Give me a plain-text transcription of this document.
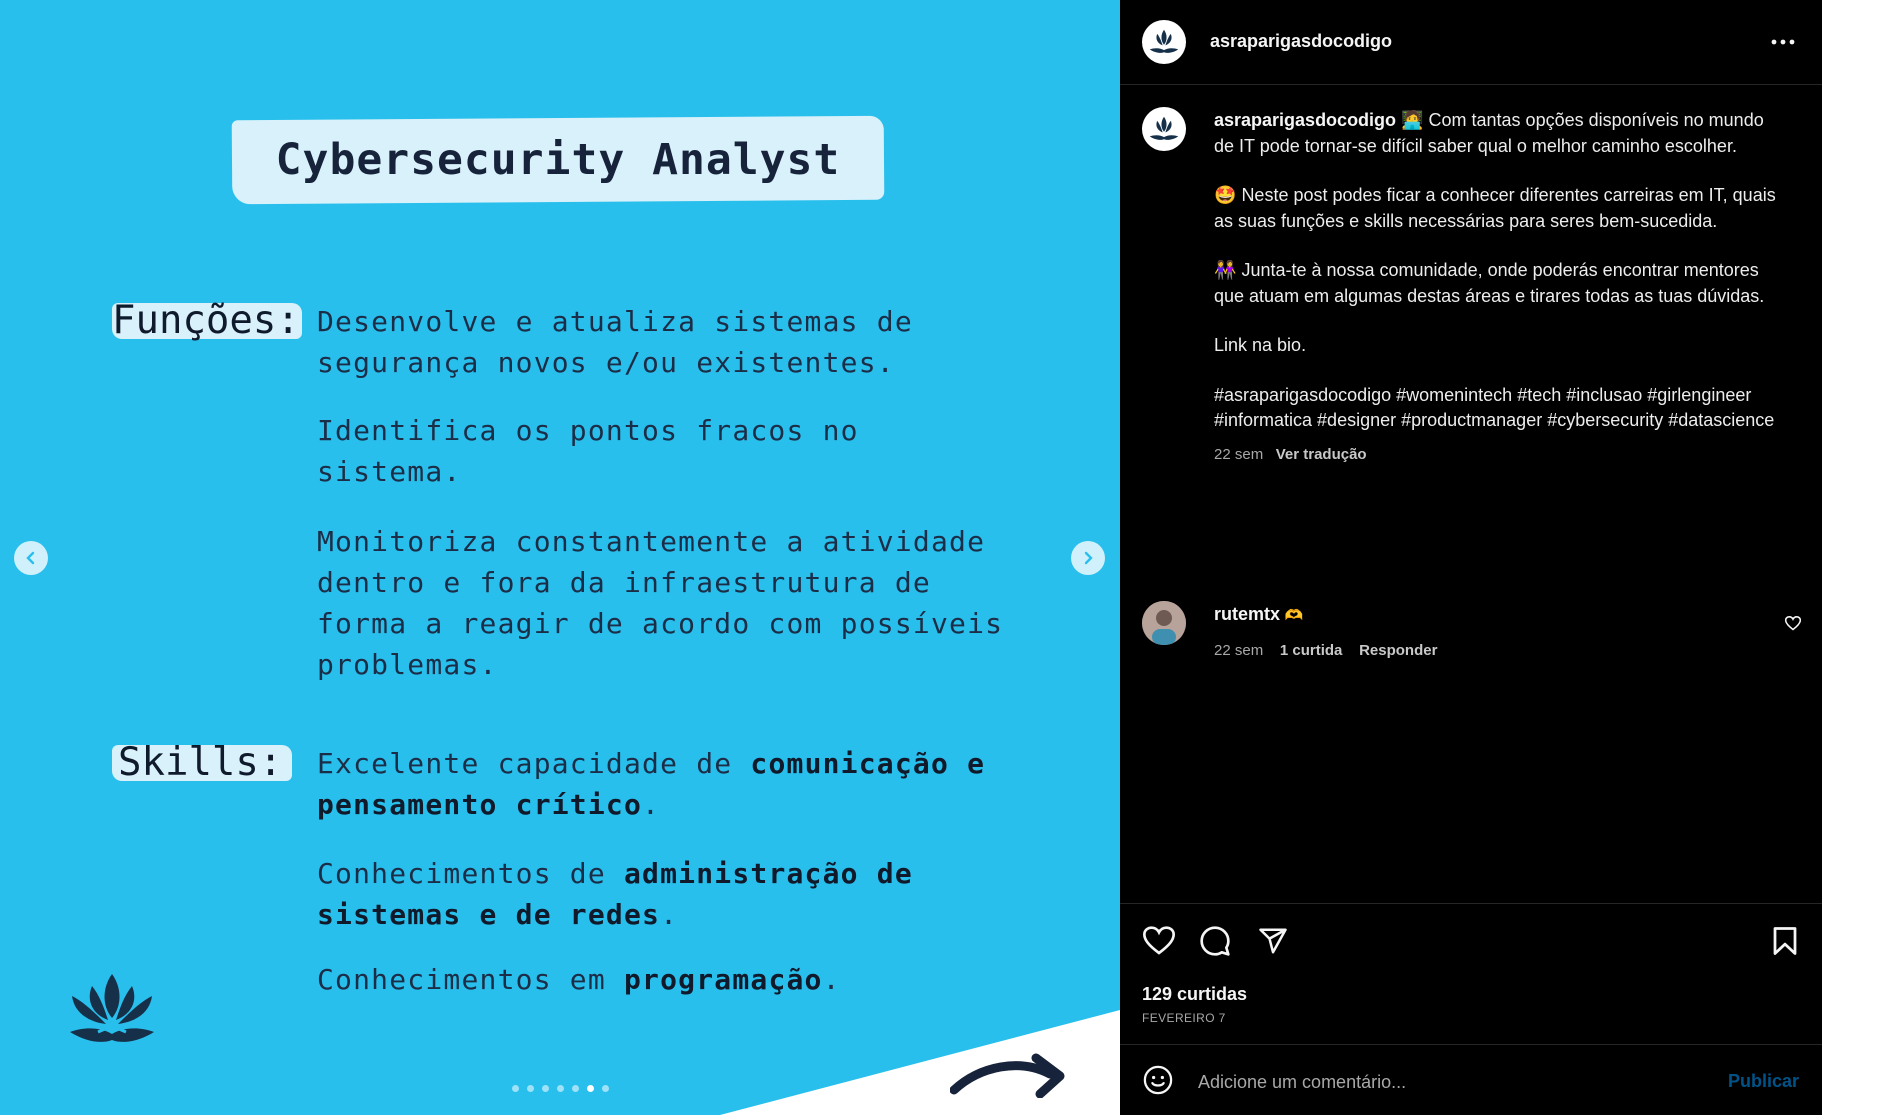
Cybersecurity Analyst
Funções: Desenvolve e atualiza sistemas de segurança novos e/ou existentes.
Identifica os pontos fracos no sistema.
Monitoriza constantemente a atividade dentro e fora da infraestrutura de forma a reagir de acordo com possíveis problemas.
Skills: Excelente capacidade de comunicação e pensamento crítico.
Conhecimentos de administração de sistemas e de redes.
Conhecimentos em programação.
asraparigasdocodigo

asraparigasdocodigo 🧑‍💻 Com tantas opções disponíveis no mundo de IT pode tornar-se difícil saber qual o melhor caminho escolher.

🤩 Neste post podes ficar a conhecer diferentes carreiras em IT, quais as suas funções e skills necessárias para seres bem-sucedida.

👭 Junta-te à nossa comunidade, onde poderás encontrar mentores que atuam em algumas destas áreas e tirares todas as tuas dúvidas.

Link na bio.

#asraparigasdocodigo #womenintech #tech #inclusao #girlengineer #informatica #designer #productmanager #cybersecurity #datascience

22 sem Ver tradução
rutemtx 🫶
22 sem 1 curtida Responder
129 curtidas
FEVEREIRO 7
Adicione um comentário...
Publicar
